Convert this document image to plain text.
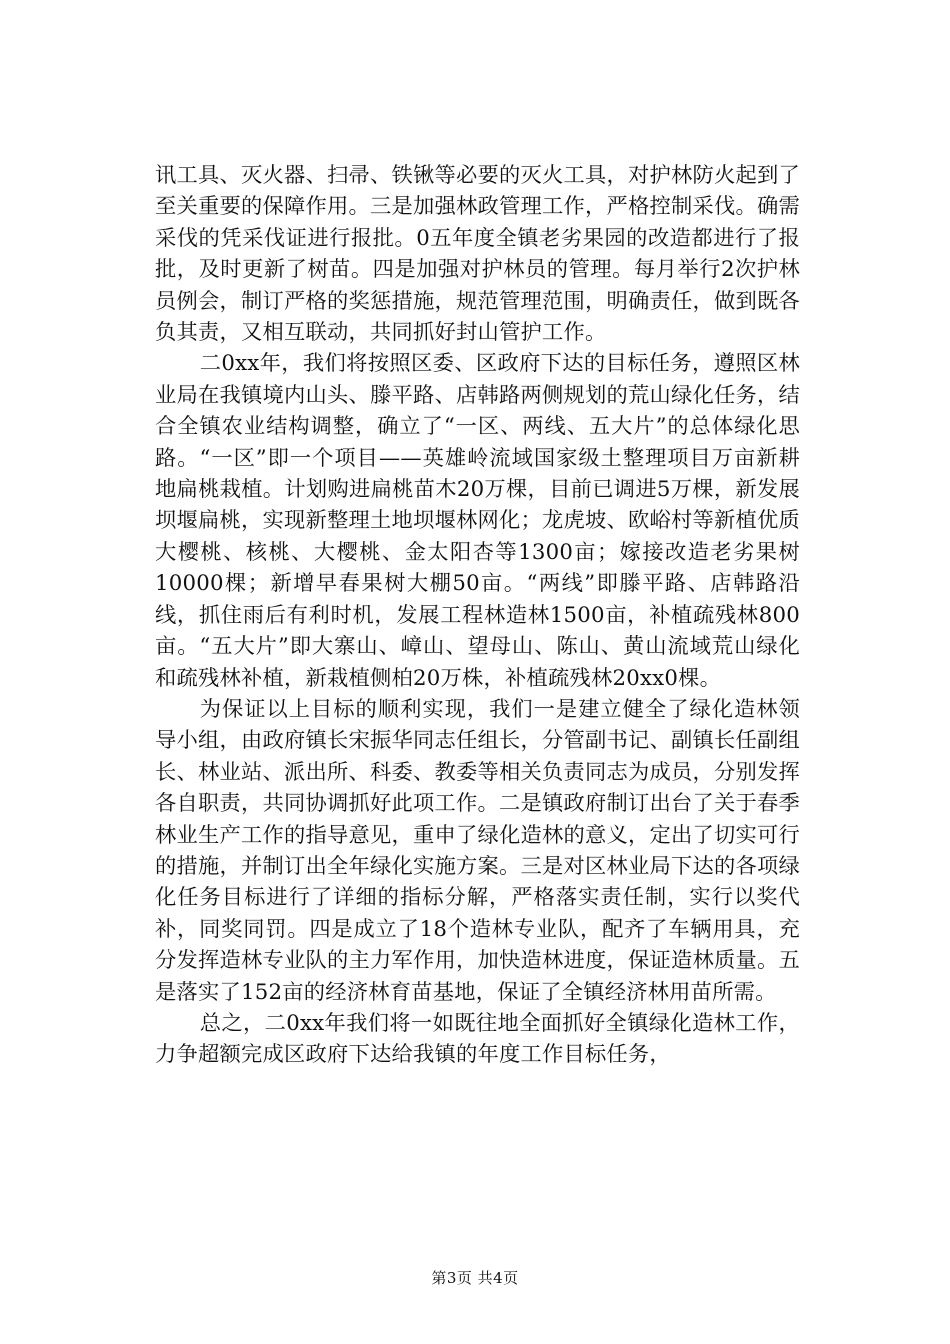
讯工具、灭火器、扫帚、铁锹等必要的灭火工具，对护林防火起到了至关重要的保障作用。三是加强林政管理工作，严格控制采伐。确需采伐的凭采伐证进行报批。0五年度全镇老劣果园的改造都进行了报批，及时更新了树苗。四是加强对护林员的管理。每月举行2次护林员例会，制订严格的奖惩措施，规范管理范围，明确责任，做到既各负其责，又相互联动，共同抓好封山管护工作。

二0xx年，我们将按照区委、区政府下达的目标任务，遵照区林业局在我镇境内山头、滕平路、店韩路两侧规划的荒山绿化任务，结合全镇农业结构调整，确立了“一区、两线、五大片”的总体绿化思路。“一区”即一个项目——英雄岭流域国家级土整理项目万亩新耕地扁桃栽植。计划购进扁桃苗木20万棵，目前已调进5万棵，新发展坝堰扁桃，实现新整理土地坝堰林网化；龙虎坡、欧峪村等新植优质大樱桃、核桃、大樱桃、金太阳杏等1300亩；嫁接改造老劣果树10000棵；新增早春果树大棚50亩。“两线”即滕平路、店韩路沿线，抓住雨后有利时机，发展工程林造林1500亩，补植疏残林800亩。“五大片”即大寨山、嶂山、望母山、陈山、黄山流域荒山绿化和疏残林补植，新栽植侧柏20万株，补植疏残林20xx0棵。

为保证以上目标的顺利实现，我们一是建立健全了绿化造林领导小组，由政府镇长宋振华同志任组长，分管副书记、副镇长任副组长、林业站、派出所、科委、教委等相关负责同志为成员，分别发挥各自职责，共同协调抓好此项工作。二是镇政府制订出台了关于春季林业生产工作的指导意见，重申了绿化造林的意义，定出了切实可行的措施，并制订出全年绿化实施方案。三是对区林业局下达的各项绿化任务目标进行了详细的指标分解，严格落实责任制，实行以奖代补，同奖同罚。四是成立了18个造林专业队，配齐了车辆用具，充分发挥造林专业队的主力军作用，加快造林进度，保证造林质量。五是落实了152亩的经济林育苗基地，保证了全镇经济林用苗所需。

总之，二0xx年我们将一如既往地全面抓好全镇绿化造林工作，力争超额完成区政府下达给我镇的年度工作目标任务，

第3页 共4页
